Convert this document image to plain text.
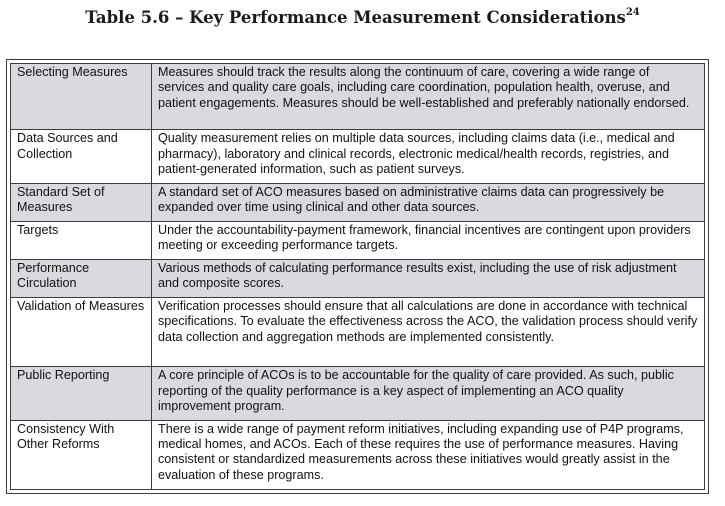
Table 5.6 – Key Performance Measurement Considerations$^{24}$
Selecting Measures	Measures should track the results along the continuum of care, covering a wide range of services and quality care goals, including care coordination, population health, overuse, and patient engagements. Measures should be well-established and preferably nationally endorsed.
Data Sources and Collection	Quality measurement relies on multiple data sources, including claims data (i.e., medical and pharmacy), laboratory and clinical records, electronic medical/health records, registries, and patient-generated information, such as patient surveys.
Standard Set of Measures	A standard set of ACO measures based on administrative claims data can progressively be expanded over time using clinical and other data sources.
Targets	Under the accountability-payment framework, financial incentives are contingent upon providers meeting or exceeding performance targets.
Performance Circulation	Various methods of calculating performance results exist, including the use of risk adjustment and composite scores.
Validation of Measures	Verification processes should ensure that all calculations are done in accordance with technical specifications. To evaluate the effectiveness across the ACO, the validation process should verify data collection and aggregation methods are implemented consistently.
Public Reporting	A core principle of ACOs is to be accountable for the quality of care provided. As such, public reporting of the quality performance is a key aspect of implementing an ACO quality improvement program.
Consistency With Other Reforms	There is a wide range of payment reform initiatives, including expanding use of P4P programs, medical homes, and ACOs. Each of these requires the use of performance measures. Having consistent or standardized measurements across these initiatives would greatly assist in the evaluation of these programs.
